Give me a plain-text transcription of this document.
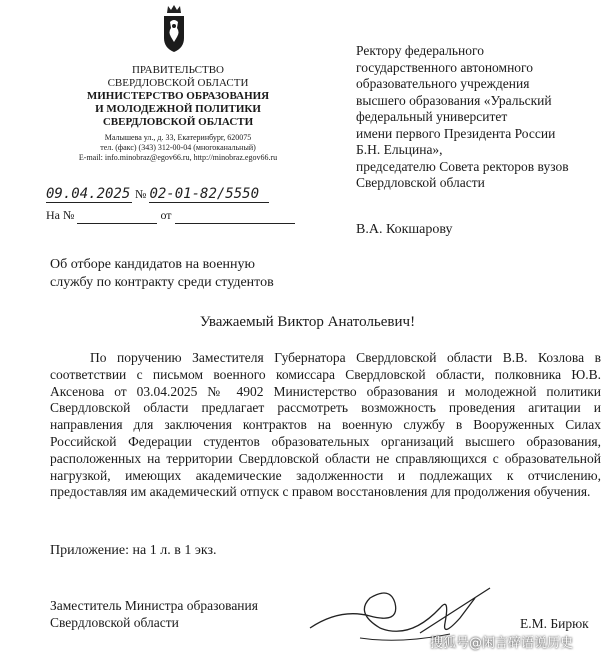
ПРАВИТЕЛЬСТВО
СВЕРДЛОВСКОЙ ОБЛАСТИ
МИНИСТЕРСТВО ОБРАЗОВАНИЯ
И МОЛОДЕЖНОЙ ПОЛИТИКИ
СВЕРДЛОВСКОЙ ОБЛАСТИ
Малышева ул., д. 33, Екатеринбург, 620075
тел. (факс) (343) 312-00-04 (многоканальный)
E-mail: info.minobraz@egov66.ru, http://minobraz.egov66.ru
09.04.2025 № 02-01-82/5550
На №	от
Ректору федерального
государственного автономного
образовательного учреждения
высшего образования «Уральский
федеральный университет
имени первого Президента России
Б.Н. Ельцина»,
председателю Совета ректоров вузов
Свердловской области
В.А. Кокшарову
Об отборе кандидатов на военную
службу по контракту среди студентов
Уважаемый Виктор Анатольевич!

По поручению Заместителя Губернатора Свердловской области В.В. Козлова в соответствии с письмом военного комиссара Свердловской области, полковника Ю.В. Аксенова от 03.04.2025 № 4902 Министерство образования и молодежной политики Свердловской области предлагает рассмотреть возможность проведения агитации и направления для заключения контрактов на военную службу в Вооруженных Силах Российской Федерации студентов образовательных организаций высшего образования, расположенных на территории Свердловской области не справляющихся с образовательной нагрузкой, имеющих академические задолженности и подлежащих к отчислению, предоставляя им академический отпуск с правом восстановления для продолжения обучения.

Приложение: на 1 л. в 1 экз.
Заместитель Министра образования
Свердловской области	Е.М. Бирюк
搜狐号@闲言碎语说历史
